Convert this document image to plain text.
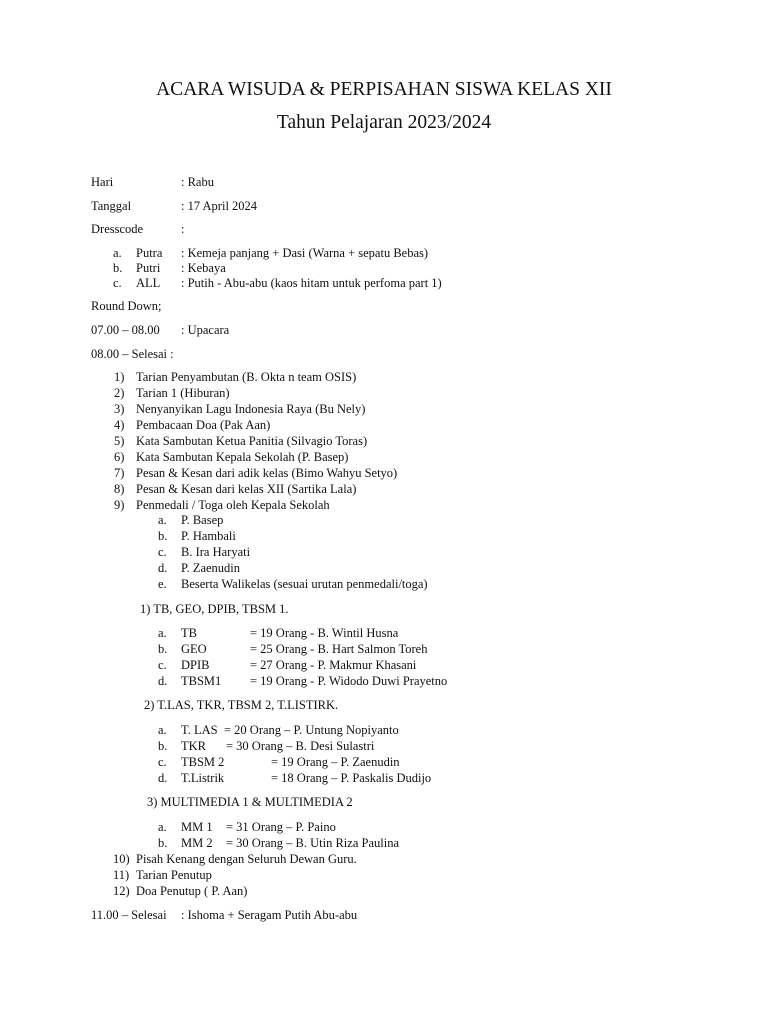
ACARA WISUDA & PERPISAHAN SISWA KELAS XII
Tahun Pelajaran 2023/2024
Hari	: Rabu
Tanggal	: 17 April 2024
Dresscode	:
a. Putra : Kemeja panjang + Dasi (Warna + sepatu Bebas)
b. Putri : Kebaya
c. ALL : Putih - Abu-abu (kaos hitam untuk perfoma part 1)
Round Down;
07.00 – 08.00 : Upacara
08.00 – Selesai :
1) Tarian Penyambutan (B. Okta n team OSIS)
2) Tarian 1 (Hiburan)
3) Nenyanyikan Lagu Indonesia Raya (Bu Nely)
4) Pembacaan Doa (Pak Aan)
5) Kata Sambutan Ketua Panitia (Silvagio Toras)
6) Kata Sambutan Kepala Sekolah (P. Basep)
7) Pesan & Kesan dari adik kelas (Bimo Wahyu Setyo)
8) Pesan & Kesan dari kelas XII (Sartika Lala)
9) Penmedali / Toga oleh Kepala Sekolah
a. P. Basep
b. P. Hambali
c. B. Ira Haryati
d. P. Zaenudin
e. Beserta Walikelas (sesuai urutan penmedali/toga)
1) TB, GEO, DPIB, TBSM 1.
a. TB	= 19 Orang - B. Wintil Husna
b. GEO	= 25 Orang - B. Hart Salmon Toreh
c. DPIB	= 27 Orang - P. Makmur Khasani
d. TBSM1 = 19 Orang - P. Widodo Duwi Prayetno
2) T.LAS, TKR, TBSM 2, T.LISTIRK.
a. T. LAS = 20 Orang – P. Untung Nopiyanto
b. TKR = 30 Orang – B. Desi Sulastri
c. TBSM 2	= 19 Orang – P. Zaenudin
d. T.Listrik	= 18 Orang – P. Paskalis Dudijo
3) MULTIMEDIA 1 & MULTIMEDIA 2
a. MM 1 = 31 Orang – P. Paino
b. MM 2 = 30 Orang – B. Utin Riza Paulina
10) Pisah Kenang dengan Seluruh Dewan Guru.
11) Tarian Penutup
12) Doa Penutup ( P. Aan)
11.00 – Selesai : Ishoma + Seragam Putih Abu-abu
